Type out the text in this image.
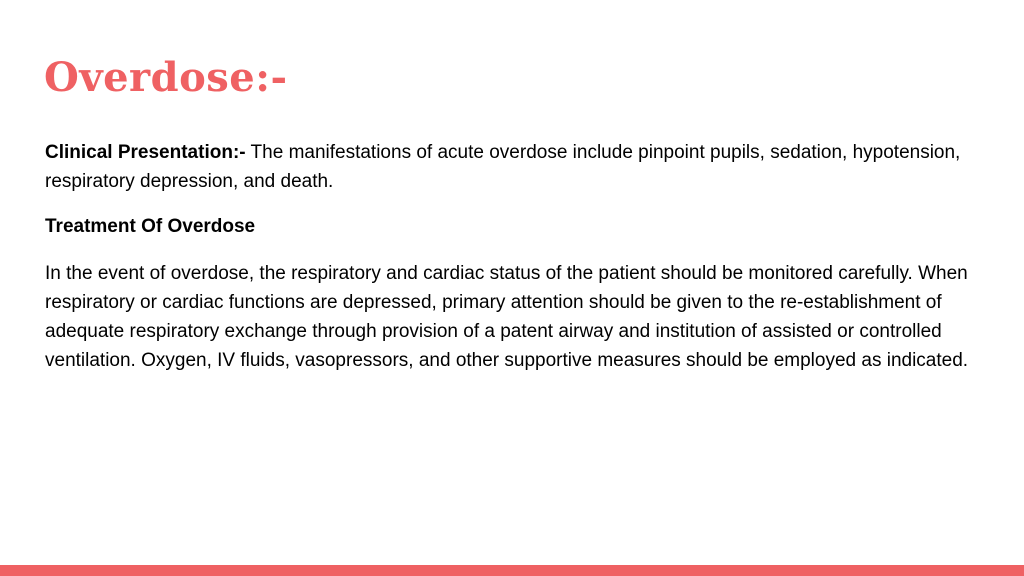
Overdose:-

Clinical Presentation:- The manifestations of acute overdose include pinpoint pupils, sedation, hypotension, respiratory depression, and death.

Treatment Of Overdose

In the event of overdose, the respiratory and cardiac status of the patient should be monitored carefully. When respiratory or cardiac functions are depressed, primary attention should be given to the re-establishment of adequate respiratory exchange through provision of a patent airway and institution of assisted or controlled ventilation. Oxygen, IV fluids, vasopressors, and other supportive measures should be employed as indicated.
